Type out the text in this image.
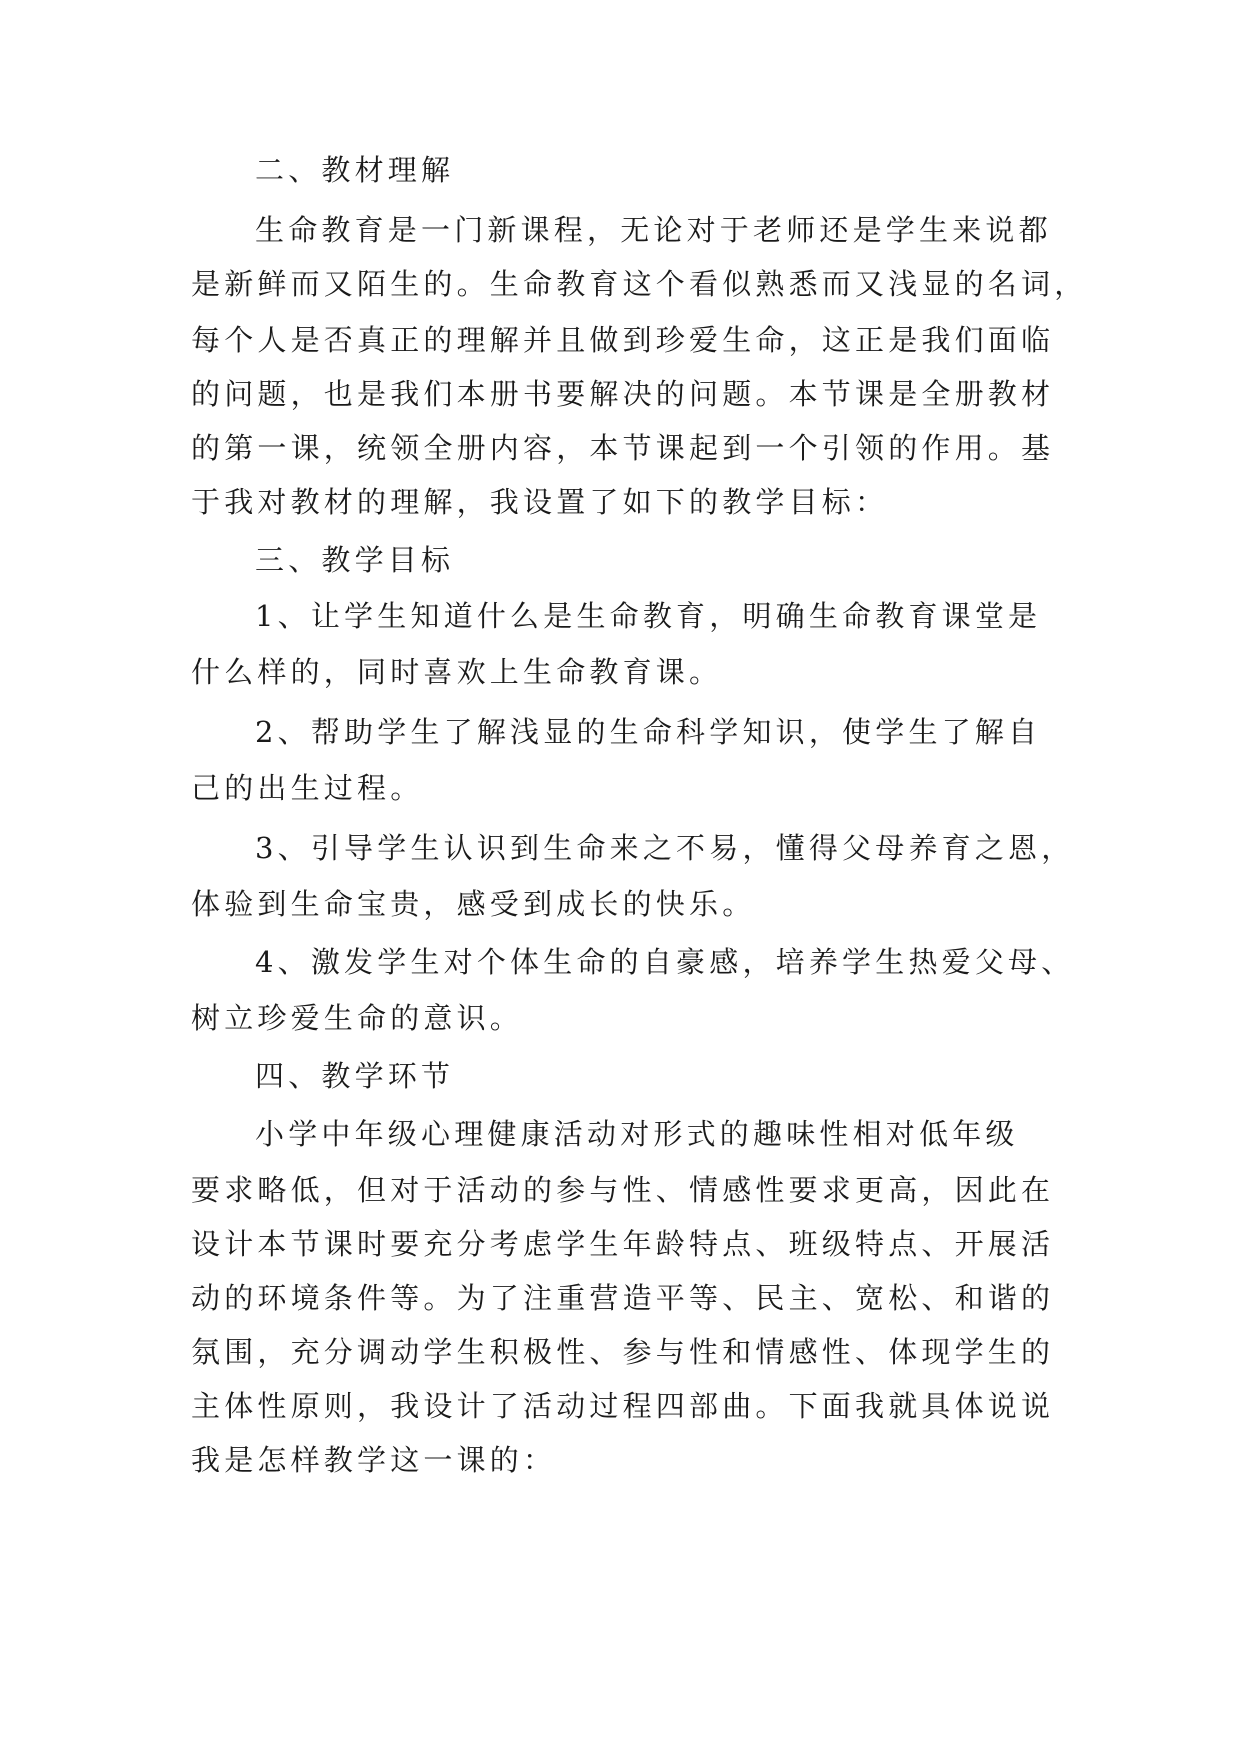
二、教材理解
生命教育是一门新课程，无论对于老师还是学生来说都
是新鲜而又陌生的。生命教育这个看似熟悉而又浅显的名词，
每个人是否真正的理解并且做到珍爱生命，这正是我们面临
的问题，也是我们本册书要解决的问题。本节课是全册教材
的第一课，统领全册内容，本节课起到一个引领的作用。基
于我对教材的理解，我设置了如下的教学目标：
三、教学目标
1、让学生知道什么是生命教育，明确生命教育课堂是
什么样的，同时喜欢上生命教育课。
2、帮助学生了解浅显的生命科学知识，使学生了解自
己的出生过程。
3、引导学生认识到生命来之不易，懂得父母养育之恩，
体验到生命宝贵，感受到成长的快乐。
4、激发学生对个体生命的自豪感，培养学生热爱父母、
树立珍爱生命的意识。
四、教学环节
小学中年级心理健康活动对形式的趣味性相对低年级
要求略低，但对于活动的参与性、情感性要求更高，因此在
设计本节课时要充分考虑学生年龄特点、班级特点、开展活
动的环境条件等。为了注重营造平等、民主、宽松、和谐的
氛围，充分调动学生积极性、参与性和情感性、体现学生的
主体性原则，我设计了活动过程四部曲。下面我就具体说说
我是怎样教学这一课的：
